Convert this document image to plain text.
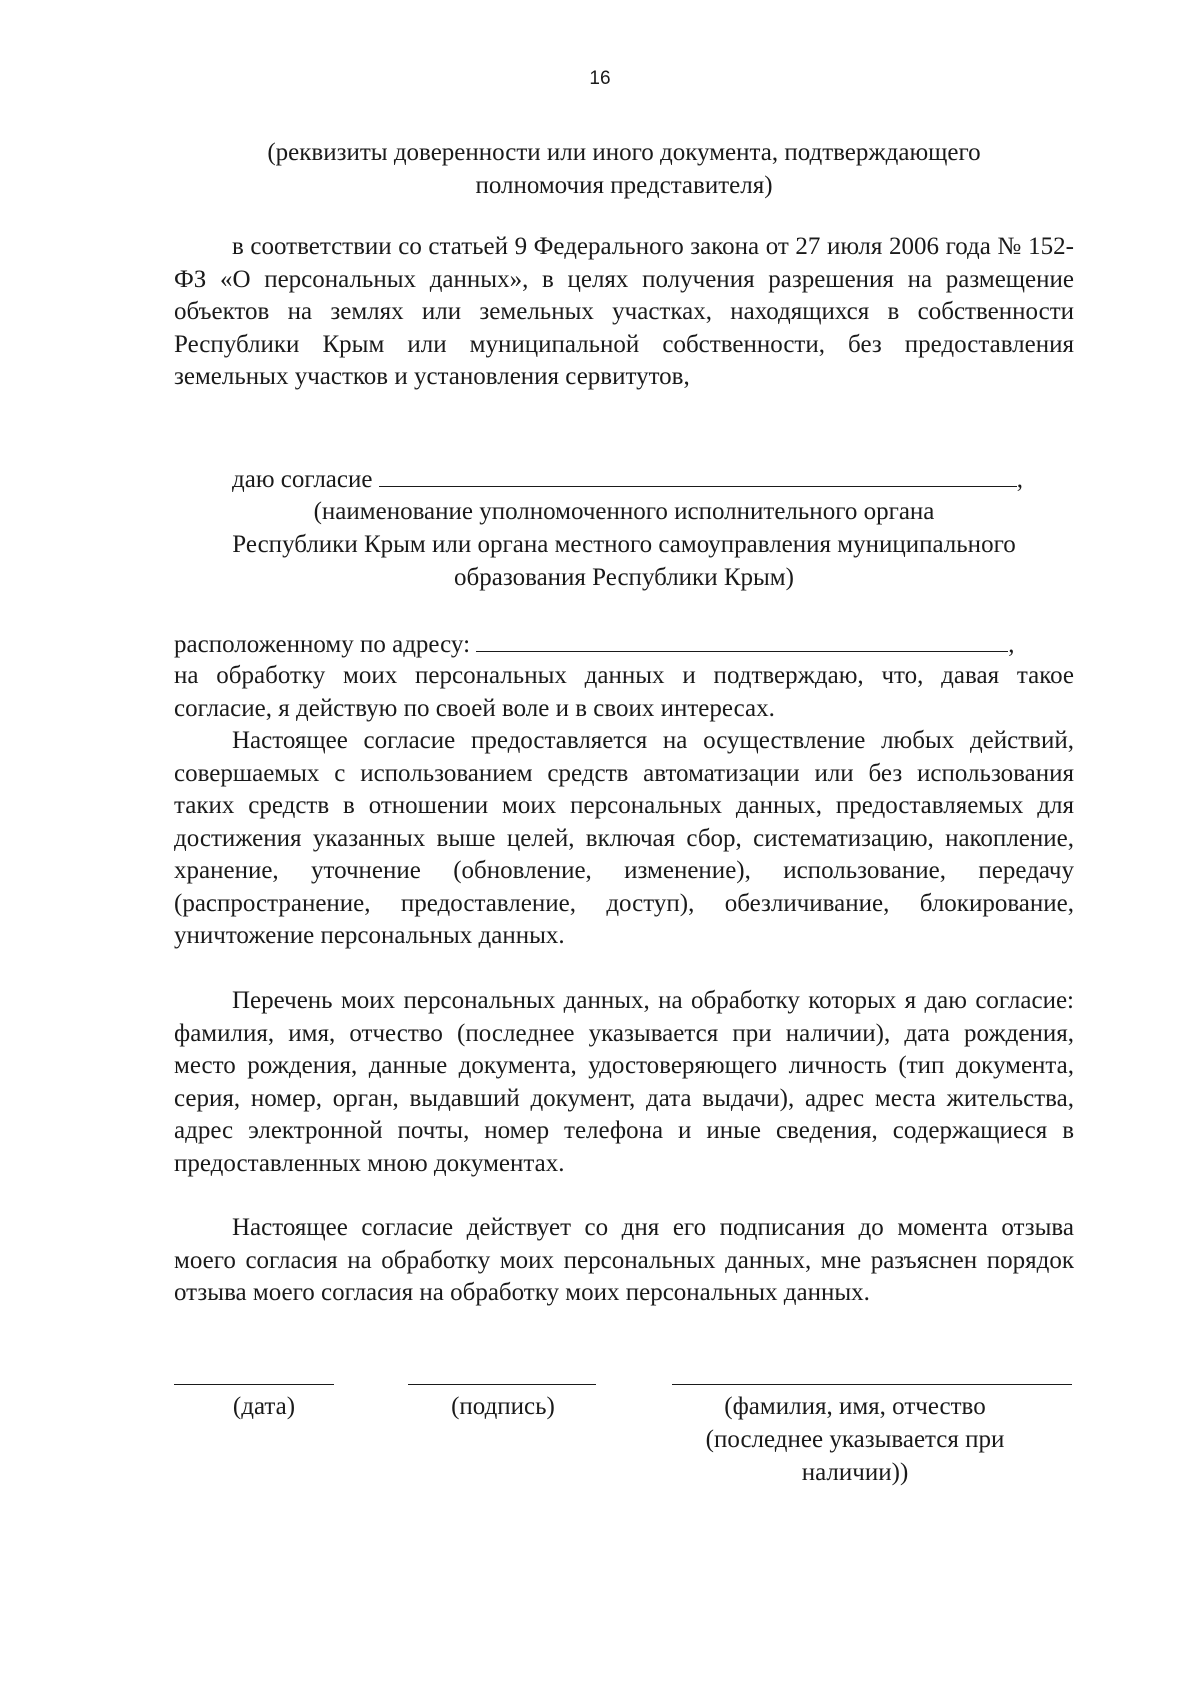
16
(реквизиты доверенности или иного документа, подтверждающего
полномочия представителя)
в соответствии со статьей 9 Федерального закона от 27 июля 2006 года № 152-ФЗ «О персональных данных», в целях получения разрешения на размещение объектов на землях или земельных участках, находящихся в собственности Республики Крым или муниципальной собственности, без предоставления земельных участков и установления сервитутов,
даю согласие	,
(наименование уполномоченного исполнительного органа
Республики Крым или органа местного самоуправления муниципального
образования Республики Крым)
расположенному по адресу:	,
на обработку моих персональных данных и подтверждаю, что, давая такое согласие, я действую по своей воле и в своих интересах.
Настоящее согласие предоставляется на осуществление любых действий, совершаемых с использованием средств автоматизации или без использования таких средств в отношении моих персональных данных, предоставляемых для достижения указанных выше целей, включая сбор, систематизацию, накопление, хранение, уточнение (обновление, изменение), использование, передачу (распространение, предоставление, доступ), обезличивание, блокирование, уничтожение персональных данных.
Перечень моих персональных данных, на обработку которых я даю согласие: фамилия, имя, отчество (последнее указывается при наличии), дата рождения, место рождения, данные документа, удостоверяющего личность (тип документа, серия, номер, орган, выдавший документ, дата выдачи), адрес места жительства, адрес электронной почты, номер телефона и иные сведения, содержащиеся в предоставленных мною документах.
Настоящее согласие действует со дня его подписания до момента отзыва моего согласия на обработку моих персональных данных, мне разъяснен порядок отзыва моего согласия на обработку моих персональных данных.
(дата)	(подпись)	(фамилия, имя, отчество
(последнее указывается при
наличии))
